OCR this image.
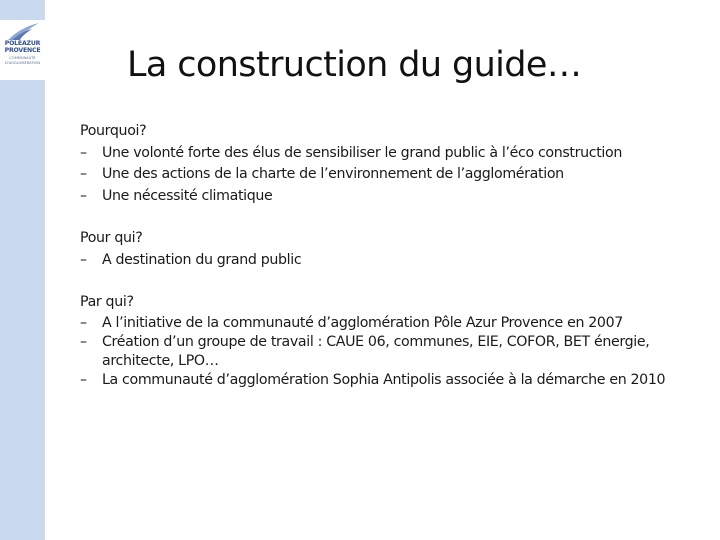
POLEAZUR
PROVENCE
COMMUNAUTÉ
D'AGGLOMÉRATION La construction du guide…
Pourquoi?
– Une volonté forte des élus de sensibiliser le grand public à l’éco construction
– Une des actions de la charte de l’environnement de l’agglomération
– Une nécessité climatique
Pour qui?
– A destination du grand public
Par qui?
– A l’initiative de la communauté d’agglomération Pôle Azur Provence en 2007
– Création d’un groupe de travail : CAUE 06, communes, EIE, COFOR, BET énergie, architecte, LPO…
– La communauté d’agglomération Sophia Antipolis associée à la démarche en 2010
